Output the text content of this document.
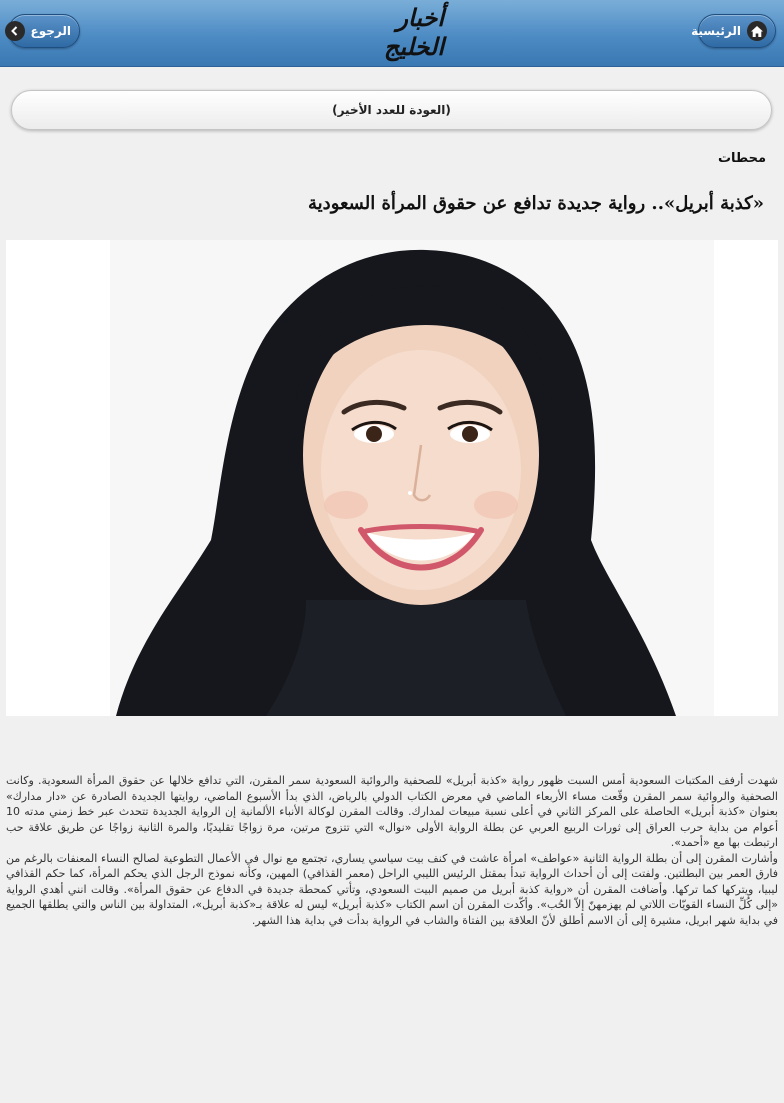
الرئيسية
أخبار الخليج
الرجوع
(العودة للعدد الأخير)
محطات
«كذبة أبريل».. رواية جديدة تدافع عن حقوق المرأة السعودية

شهدت أرفف المكتبات السعودية أمس السبت ظهور رواية «كذبة أبريل» للصحفية والروائية السعودية سمر المقرن، التي تدافع خلالها عن حقوق المرأة السعودية. وكانت الصحفية والروائية سمر المقرن وقّعت مساء الأربعاء الماضي في معرض الكتاب الدولي بالرياض، الذي بدأ الأسبوع الماضي، روايتها الجديدة الصادرة عن «دار مدارك» بعنوان «كذبة أبريل» الحاصلة على المركز الثاني في أعلى نسبة مبيعات لمدارك. وقالت المقرن لوكالة الأنباء الألمانية إن الرواية الجديدة تتحدث عبر خط زمني مدته 10 أعوام من بداية حرب العراق إلى ثورات الربيع العربي عن بطلة الرواية الأولى «نوال» التي تتزوج مرتين، مرة زواجًا تقليديًا، والمرة الثانية زواجًا عن طريق علاقة حب ارتبطت بها مع «أحمد».

وأشارت المقرن إلى أن بطلة الرواية الثانية «عواطف» امرأة عاشت في كنف بيت سياسي يساري، تجتمع مع نوال في الأعمال التطوعية لصالح النساء المعنفات بالرغم من فارق العمر بين البطلتين. ولفتت إلى أن أحداث الرواية تبدأ بمقتل الرئيس الليبي الراحل (معمر القذافي) المهين، وكأنه نموذج الرجل الذي يحكم المرأة، كما حكم القذافي ليبيا، ويتركها كما تركها. وأضافت المقرن أن «رواية كذبة أبريل من صميم البيت السعودي، وتأتي كمحطة جديدة في الدفاع عن حقوق المرأة». وقالت انني أهدي الرواية «إلى كُلِّ النساء القويّات اللاتي لم يهزمهنّ إلاّ الحُب». وأكّدت المقرن أن اسم الكتاب «كذبة أبريل» ليس له علاقة بـ«كذبة أبريل»، المتداولة بين الناس والتي يطلقها الجميع في بداية شهر ابريل، مشيرة إلى أن الاسم أطلق لأنّ العلاقة بين الفتاة والشاب في الرواية بدأت في بداية هذا الشهر.
